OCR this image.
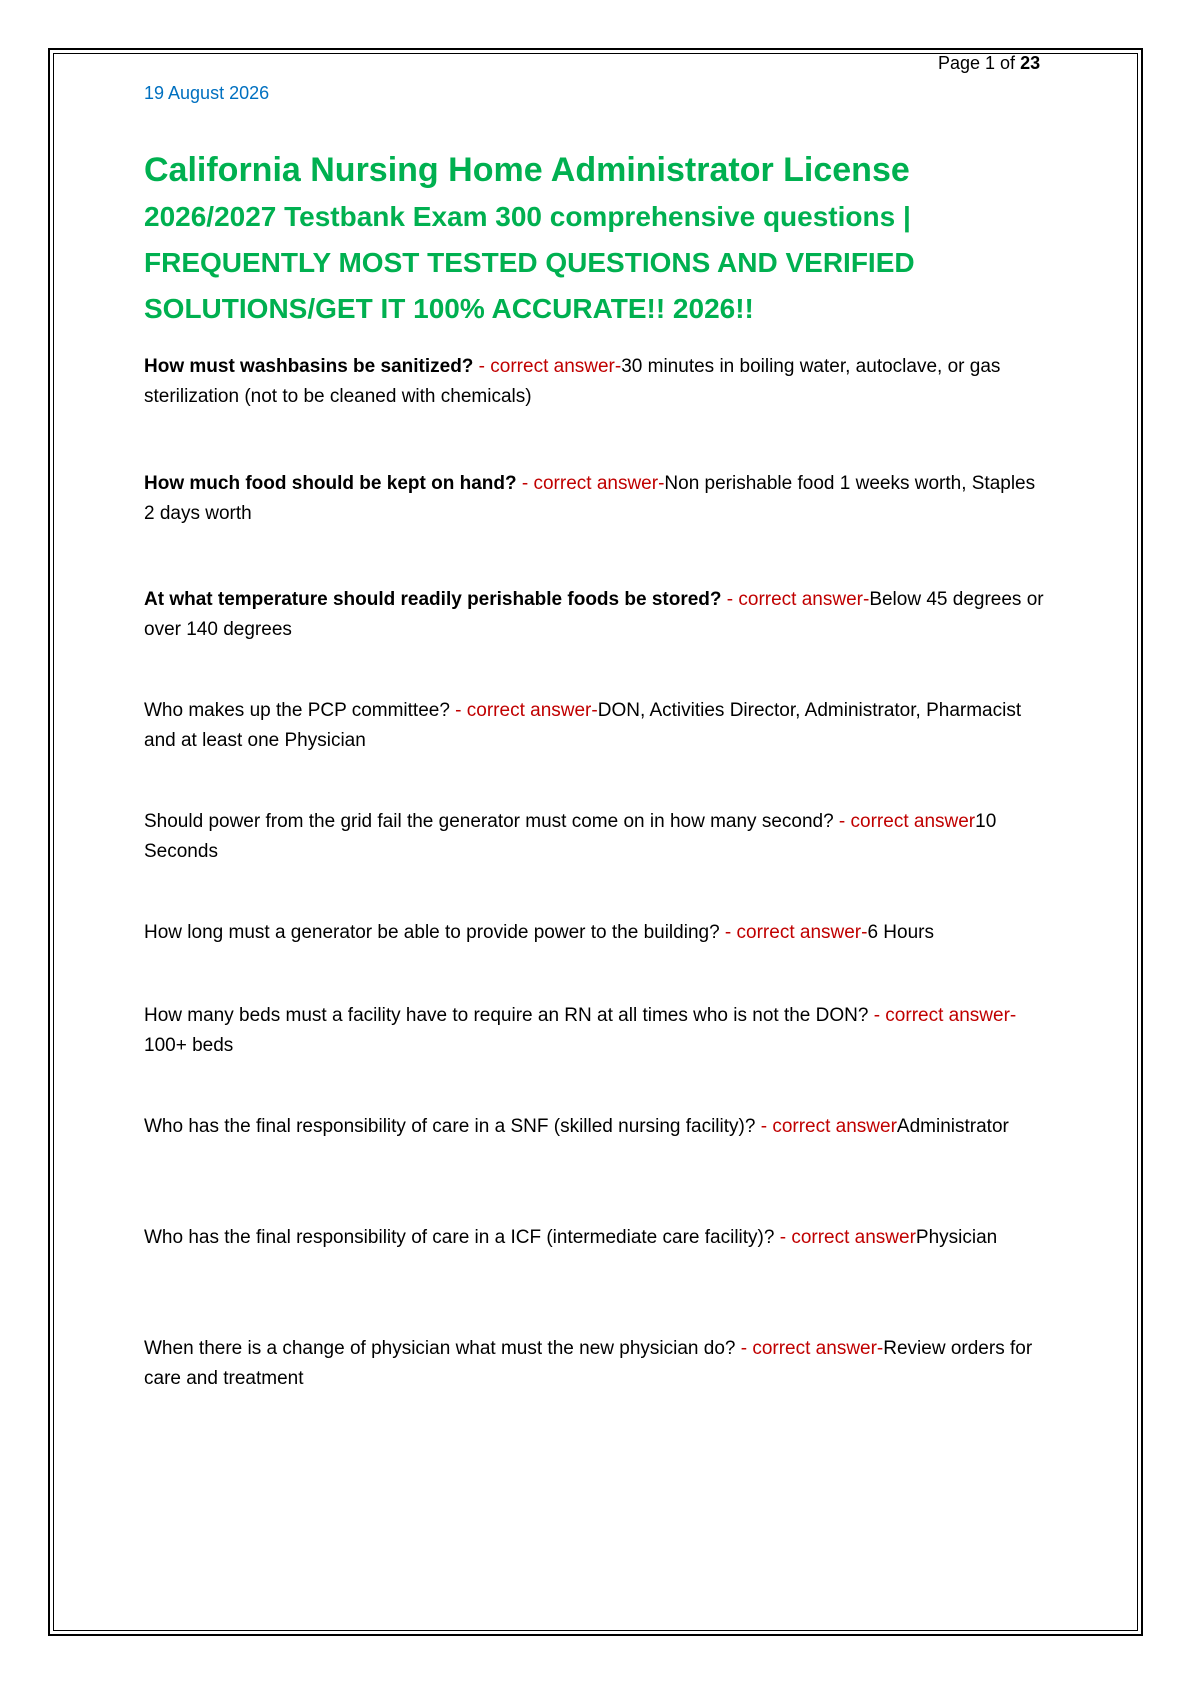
Page 1 of 23
19 August 2026
California Nursing Home Administrator License
2026/2027 Testbank Exam 300 comprehensive questions | FREQUENTLY MOST TESTED QUESTIONS AND VERIFIED SOLUTIONS/GET IT 100% ACCURATE!! 2026!!
How must washbasins be sanitized? - correct answer-30 minutes in boiling water, autoclave, or gas sterilization (not to be cleaned with chemicals)
How much food should be kept on hand? - correct answer-Non perishable food 1 weeks worth, Staples 2 days worth
At what temperature should readily perishable foods be stored? - correct answer-Below 45 degrees or over 140 degrees
Who makes up the PCP committee? - correct answer-DON, Activities Director, Administrator, Pharmacist and at least one Physician
Should power from the grid fail the generator must come on in how many second? - correct answer10 Seconds
How long must a generator be able to provide power to the building? - correct answer-6 Hours
How many beds must a facility have to require an RN at all times who is not the DON? - correct answer-100+ beds
Who has the final responsibility of care in a SNF (skilled nursing facility)? - correct answerAdministrator
Who has the final responsibility of care in a ICF (intermediate care facility)? - correct answerPhysician
When there is a change of physician what must the new physician do? - correct answer-Review orders for care and treatment
